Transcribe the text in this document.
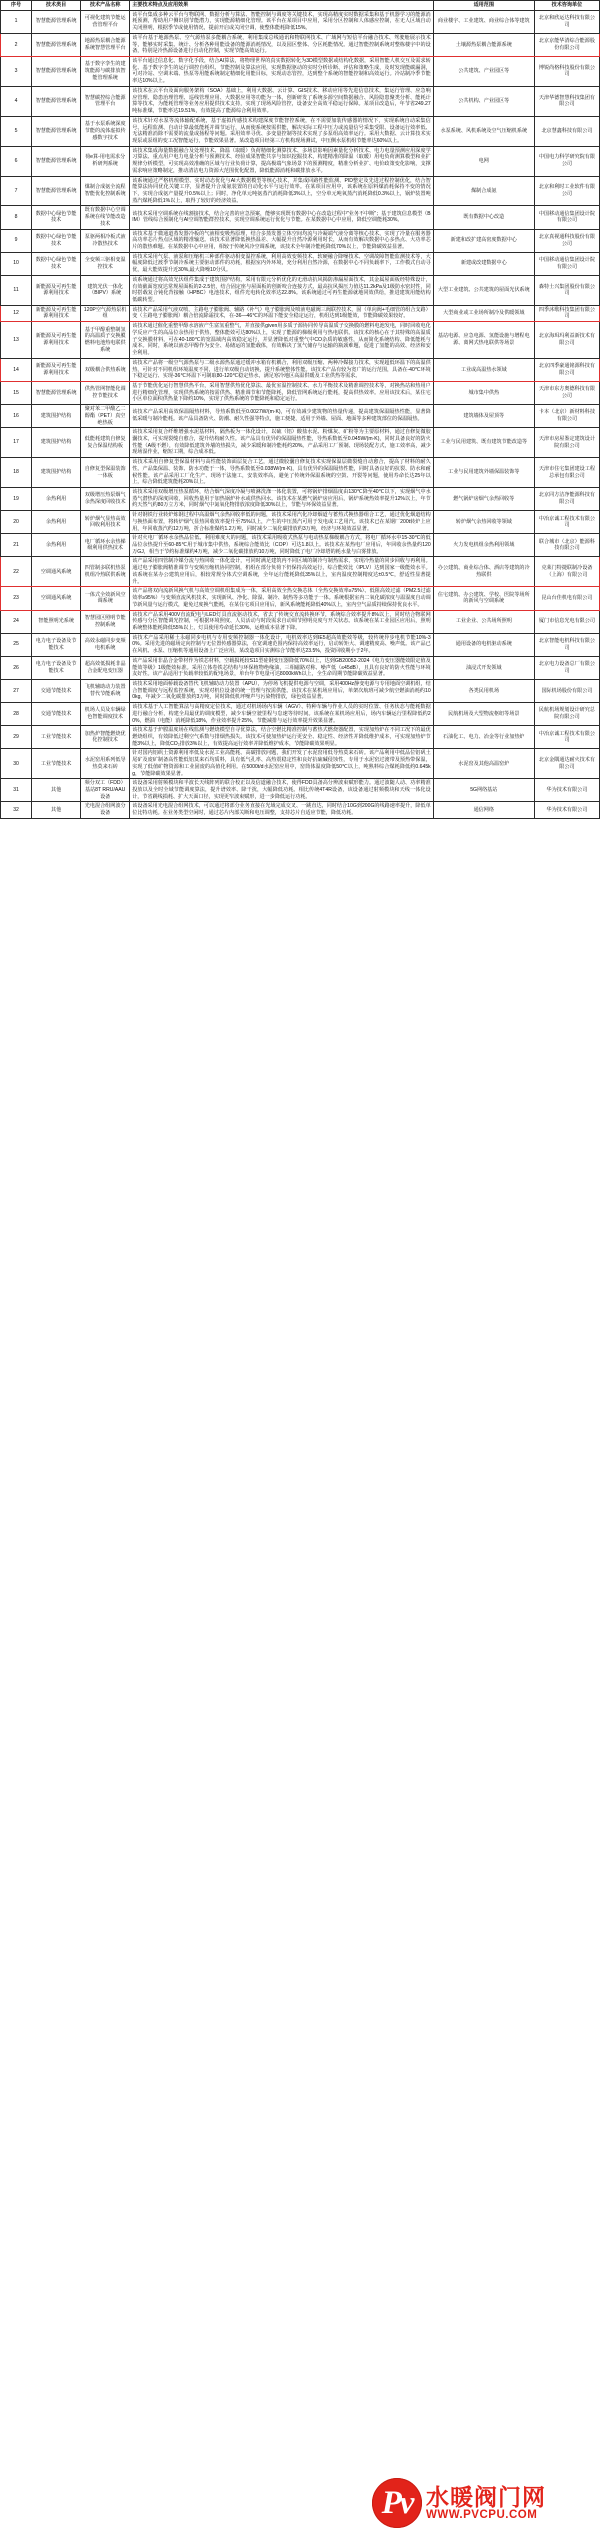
序号	技术类目	技术产品名称	主要技术特点及应用效果	适用范围	技术咨询单位
1	智慧能源管理系统	可视化建筑节能运营管理平台	该平台集成多种云平台与物联网、数据分析与算法、智能控制与调度等关键技术，实现高精度实时数据采集和基于机器学习的能源消耗预测，帮助用户侧识别节能潜力，实现能源精细化管理。该平台在某项目中应用，采用分区控制和人体感应控制，在无人区域自动关闭照明，根据季节或使用情况，提前开启或关闭空调，使整体能耗降低15%。	商业楼宇、工业建筑、商业综合体等建筑	北京和欣运达科技有限公司
2	智慧能源管理系统	地源热泵耦合能源系统智慧管理平台	该平台基于地源热泵、空气源热泵多能耦合系统，利用集成总线通讯和物联网技术、广域网与短信平台融合技术、驾驶舱展示技术等，能够实时采集、统计、分析各种用能设备的能源消耗情况，以及园区整体、分区耗能情况。通过智能控制系统对整栋楼宇中的设备，特别是冷热源设备进行自动化控制，实现节能高效运行。	土壤源热泵耦合能源系统	北京京能华清综合能源股份有限公司
3	智慧能源管理系统	基于数字孪生的建筑能源与碳排放智能管理系统	该平台通过信息化、数字化手段，结合AI算法，将物理世界的真实数据转化为3D模型数据或结构化数据，采用智能人机交互及需求转化、基于数字孪生的运行调控自组织、节能控制及算法应用，实现数据驱动的实时分析诊断、评估和策略生成，及时发现能碳漏洞，可对冷站、空调末端、热泵等用能系统制定精细化用能目标，实现动态管控，达到整个系统的智能控制和高效运行。冷站制冷季节能率达10%以上。	公共建筑、产业园区等	博锐尚格科技股份有限公司
4	智慧能源管理系统	智慧碳控综合能源管理平台	该技术在云平台及面向服务架构（SOA）基础上，利用大数据、云计算、GIS技术、移动应用等先进信息技术，集运行管理、应急响应管理、隐患治理管理、巡线管理应用、大数据应用等功能为一体，创新研发了系统多源空间数据融合、风险隐患聚类分析、能耗计算等技术，为能耗管理等业务应用提供技术支持，实现了现场风险管控，设备安全高效平稳运行保障。某项目改造后，年节省249.27吨标准煤，节能率达19.51%，有效提高了能源综合利用效率。	公共机构、产业园区等	天津华德智慧科技集团有限公司
5	智慧能源管理系统	基于水泵系统深度节能的流体虚拟传感数字技术	该技术针对水泵等流体输配系统，基于虚拟传感技术构建深度节能智控系统，在不需要加装传感器的情况下，实现系统自动采集信号、远程监测、自动计算最低能耗并调节运行，从而使系统按需供能，解决实际工程中压力或流量信号采集受限、设备运行效率低、无法精准消除不需要的流量或扬程等问题。采用效率寻优、多变量控制等技术实现了多泵组高效率运行。采用大数据、云计算技术实现泵或泵组的变工况智能运行，节能效果显著。某改造项目经第三方机构现场测试，中压侧水泵机组节能率达60%以上。	水泵系统、风机系统及空气压缩机系统	北京慧鑫科技有限公司
6	智慧能源管理系统	荷e算-用电需求分析研判系统	该技术集成海量数据融合及处理技术、降温（取暖）负荷精细化测算技术、多场景影响因素量化分析技术、电力电量预测应用深度学习算法、重点用户电力电量分析与预测技术、经验成果智能共享与知识挖掘技术，构建精准的降温（取暖）用电负荷测算模型和业扩规律分析模型，可实现高效准确的区域与行业负荷计算，提高极端气象场景下的预测精度，精准分析业扩、电价政策变化影响，支撑需求响应策略制定，推动清洁电力资源大范围优化配置，降低能源消耗和碳排放水平。	电网	中国电力科学研究院有限公司
7	智慧能源管理系统	煤制合成氨全流程智能优化控制系统	该系统通过严格机理模型、实时动态优化与AI大数据模型等核心技术，并集成回路性能监测、PID整定及先进过程控制优化，结合智能算法协同优化关键工序，显著提升合成氨装置的自动化水平与运行效率。在某项目应用中，该系统在原料煤消耗保持不变的情况下，实现合成氨产量提升0.5%以上；同时，净化单元吨氨蒸汽消耗降低3%以上，空分单元吨氧蒸汽消耗降低0.3%以上，锅炉装置吨蒸汽煤耗降低1%以上，取得了较好的经济效益。	煤制合成氨	北京和利时工业软件有限公司
8	数据中心绿色节能技术	既有数据中心空调系统在线节能改造技术	该技术采用空调系统在线割接技术，结合完善的应急预案，能够实现既有数据中心在改造过程中"业务不中断"；基于建筑信息模型（BIM）管线综合预制化与AI空调智能群控技术，实现空调系统运行优化与节能。在某数据中心中应用，降低空调能耗30%。	既有数据中心改造	中国移动通信集团设计院有限公司
9	数据中心绿色节能技术	泵驱两相冷板式液冷散热技术	该技术基于微通道蒸发器冷板的气液相变吸热原理，结合多蒸发器立体空间均流与冷凝端气液分离等核心技术，实现了冷量在服务器高功率芯片热点区域的精准输送。该技术显著降低换热温差、大幅提升自然冷源利用时长，从而有效解决数据中心多热点、大功率芯片的散热难题。在某数据中心中应用，相较于传统风冷空调系统，该技术全年制冷能耗降低70%以上，节能降碳效益显著。	新建和改扩建高密度数据中心	北京真视通科技股份有限公司
10	数据中心绿色节能技术	全变频三驱相变温控技术	该技术采用气泵、液泵和压缩机三种部件驱动相变温控系统，利用高效变频技术、软硬融合降噪技术、空调故障智能监测技术等，大幅度降低过渡季节制冷系统主要驱动部件的功耗，根据室内外环境，充分利用自然冷源，在数据中心不同负载率下，工作模式自动寻优，最大能效提升近30%,最大降噪10分贝。	新建或改建数据中心	中国移动通信集团设计院有限公司
11	新能源及可再生能源利用技术	建筑光伏一体化（BIPV）系统	该系统通过将高效光伏组件集成于建筑围护结构，采用有限元分析优化的无滑动抗风揭防渗漏屋面技术，其金属屋面板经特殊设计，有效截面宽度达常规屋面板的2-2.5倍，结合固定座与屋面板的创新咬合连接方式，最高抗风揭压力值达11.2kPa及1级防水密封性，同时搭载复合钝化背接触（HPBC）电池技术，组件光电转化效率达22.8%。该系统通过可再生能源就地同效供给，推进建筑用能结构低碳转型。	大型工业建筑、公共建筑的屋面光伏系统	森特士兴集团股份有限公司
12	新能源及可再生能源利用技术	120P空气源热泵机组	该技术产品采用气液双喷，主路电子膨胀阀、辅路（补气）电子膨胀阀及喷液电磁阀三阀联控技术，固（单向阀+毛细管的组合支路）变（主路电子膨胀阀）耦合倍流除霜技术，在-36—46℃的环温下能安全稳定运行，机组达到1级能效，节能降碳效果较好。	大型商业或工业场所制冷及供暖领域	四季沐歌科技集团有限公司
13	新能源及可再生能源利用技术	基于甲醇重整制氢的高温质子交换膜燃料电池热电联供系统	该技术通过催化重整甲醇水溶液产生富氢重整气，并直接供given用多质子源协同传导高温质子交换膜的燃料电池发电，同时回收电化学反应产生的高品位余热用于供热，整体能效可达80%以上，实现了能源的梯级利用与热电联供。该技术的核心在于其特殊的高温质子交换膜材料，可在40-180℃的宽温域内高效稳定运行，并显著降低对重整气中CO杂质的敏感性，从而简化系统结构、降低能耗与成本。同时，系统以液态甲醇作为安全、易储运的氢能载体，有效解决了氢气储存与运输的瓶颈难题，促进了氢能的高效、经济和安全利用。	基站电源、应急电源、氢能设施与增程电源、离网式热电联供等场景	北京海珥玛利益新技术有限公司
14	新能源及可再生能源利用技术	双级耦合供热系统	该技术产品将一级空气源热泵与二级水源热泵通过缓冲水箱有机耦合，利用双级压缩、两种冷媒接力技术，实现超低环温下的高温供热，可针对不同机组环境温度不同，进行单双级自动切换，提升系统整体性能。该技术产品有较为宽广的运行范围，具备在-40℃环境下稳定运行、实现-36℃环温下可制取80-120℃稳定热水，满足寒冷地区高温供暖及工业供热等需求。	工业或高温热水领域	北京四季豪通铭源科技有限公司
15	智慧能源管理系统	供热管网智能化调控节能技术	基于节能优化运行智慧供热平台，采用智慧供热优化算法、最优室温控制技术、水力平衡技术及精准调控技术等，对换热站和热用户进行精细化管理，实现供热系统的按需供热、精准调节和节能降耗，降低管网系统运行能耗，提高供热效率。应用该技术后，某住宅小区单位面积供热量下降约10%，实现了供热系统的节能降耗和稳定运行。	城市集中供热	天津市东方奥德科技有限公司
16	建筑围护结构	聚对苯二甲酸乙二醇酯（PET）真空绝热板	该技术产品采用高效保温隔热材料，导热系数低至0.0027W/(m·K)，可有效减少建筑物的热量传递，提高建筑保温隔热性能，显著降低采暖与制冷能耗。该产品具备防火、防潮、耐久性强等特点，施工便捷，适用于外墙、屋面、地面等多种建筑部位的保温隔热。	建筑墙体及屋顶等	卡本（北京）新材料科技有限公司
17	建筑围护结构	低能耗建筑自修复复合保温结构板	该技术采用复合纤维增强水泥基材料，隔热板为一体化设计，以硫（铝）酸盐水泥、粉煤灰、矿粉等为主要原材料，通过自修复微胶囊技术，可实现裂缝自愈合，提升结构耐久性。该产品具有优异的保温隔热性能，导热系数低至0.045W/(m·K)，同时具备良好的防火性能（A级不燃），有效降低建筑外墙的热损失，减少采暖和制冷能耗约20%。产品采用工厂预制、现场装配方式，施工效率高，减少现场湿作业，缩短工期，综合成本低。	工业与民用建筑、既有建筑节能改造等	天津市房屋鉴定建筑设计院有限公司
18	建筑围护结构	自修复型保温装饰一体板	该技术采用自修复型保温材料与高性能装饰面层复合工艺，通过微胶囊自修复技术实现保温层微裂缝自动愈合，提高了材料的耐久性。产品集保温、装饰、防水功能于一体，导热系数低至0.038W/(m·K)，具有优异的保温隔热性能，同时具备良好的抗裂、防水和耐候性能。该产品采用工厂化生产、现场干法施工，安装效率高，避免了传统外保温系统的空鼓、开裂等问题，使用寿命长达25年以上，综合降低建筑能耗20%以上。	工业与民用建筑外墙保温装饰等	天津市住宅集团建设工程总承包有限公司
19	余热利用	双级增压热泵烟气余热深度回收技术	该技术采用双级增压热泵循环，结合烟气深度冷凝与喷淋洗涤一体化装置，可将锅炉排烟温度由130℃降至40℃以下，实现烟气中水蒸气潜热的深度回收，回收热量用于加热锅炉补水或供热回水。该技术在某燃气锅炉房应用后，锅炉系统热效率提升12%以上，年节约天然气约80万立方米，同时烟气中氮氧化物排放浓度降低30%以上，节能与环保效益显著。	燃气锅炉房烟气余热回收等	北京同方洁净能源科技有限公司
20	余热利用	转炉烟气显热高效回收利用技术	针对钢铁行业转炉炼钢过程中高温烟气余热回收率低的问题，该技术采用汽化冷却烟道与蓄热式换热器组合工艺，通过优化烟道结构与换热面布置，将转炉烟气显热回收效率提升至75%以上，产生的中压蒸汽可用于发电或工艺用汽。该技术已在某钢厂200t转炉上应用，年回收蒸汽约12万吨，折合标准煤约1.2万吨，同时减少二氧化碳排放约3万吨，经济与环境效益显著。	转炉烟气余热回收等领域	中冶京诚工程技术有限公司
21	余热利用	电厂循环水余热梯级利用供热技术	针对火电厂循环水余热品位低、利用难度大的问题，该技术采用吸收式热泵与电动热泵梯级耦合方式，将电厂循环水中15-30℃的低品位余热提升至60-85℃用于城市集中供热，系统综合能效比（COP）可达1.8以上。该技术在某热电厂应用后，年回收余热量约120万GJ，相当于节约标准煤约4万吨，减少二氧化碳排放约10万吨，同时降低了电厂冷却塔的耗水量与白雾排放。	火力发电机组余热利用领域	联合城市（北京）能源科技有限公司
22	空调通风系统	四管制多联机热泵机组冷热联供系统	该产品采用四管制冷媒分流与热回收一体化设计，可同时满足建筑内不同区域的制冷与制热需求，实现冷热量的同步回收与再利用。通过电子膨胀阀精准调节与变频压缩机协同控制，机组在部分负荷下仍保持高效运行，综合能效比（IPLV）达到国家一级能效水平。该系统在某办公建筑应用后，相较常规分体式空调系统，全年运行能耗降低35%以上，室内温度控制精度达±0.5℃，舒适性显著提升。	办公建筑、商业综合体、酒店等建筑的冷热联供	克莱门特捷联制冷设备（上海）有限公司
23	空调通风系统	一体式全效新风空调系统	该产品将双向流新风换气机与高效空调机组集成为一体，采用高效全热交换芯体（全热交换效率≥75%）、低阻高效过滤（PM2.5过滤效率≥95%）与变频直流风机技术，实现新风、净化、除湿、制冷、制热等多功能于一体。系统根据室内二氧化碳浓度与温湿度自动调节新风量与运行模式，避免过度换气能耗，在某住宅项目应用后，新风系统能耗降低40%以上，室内空气品质持续保持优良水平。	住宅建筑、办公建筑、学校、医院等场所的新风与空调系统	昆山台佳机电有限公司
24	智能照明光系统	智慧园区照明节能控制系统	该技术产品采用400V直流配电与LED灯具直流驱动技术，省去了传统交直流转换环节，系统综合效率提升8%以上，同时结合物联网传感与分区智能调光控制，可根据环境照度、人员活动与时段需求自动调节照明亮度与开关状态。该系统在某工业园区应用后，照明系统整体能耗降低55%以上，灯具使用寿命延长30%，运维成本显著下降。	工业企业、公共场所照明	厦门市信息光电有限公司
25	电力电子设备及节能技术	高效永磁同步变频电机系统	该技术产品采用稀土永磁同步电机与专用变频控制器一体化设计，电机效率达到IE5超高效能效等级，较传统异步电机节能10%-30%。采用先进的磁场定向控制与无位置传感器算法，在宽调速范围内保持高效率运行，启动转矩大、调速精度高、噪声低。该产品已在风机、水泵、压缩机等通用设备上广泛应用，某改造项目实测综合节能率达23.5%，投资回收期小于2年。	通用设备的电机驱动系统	北京智能电机科技有限公司
26	电力电子设备及节能技术	超高效低损耗非晶合金配电变压器	该产品采用非晶合金带材作为铁芯材料，空载损耗较S11型硅钢变压器降低70%以上，达到GB20052-2024《电力变压器能效限定值及能效等级》1级能效标准。采用立体卷铁芯结构与环保植物绝缘油，三相磁路对称、噪声低（≤45dB），且具有良好的防火性能与环境友好性。该产品适用于负载率较低的配电场景，单台年节电量可达8000kWh以上，全生命周期节能降碳效益显著。	油浸式开发领域	北京电力设备总厂有限公司
27	交通节能技术	飞机辅助动力装置替代节能系统	该技术采用地面桥载设备替代飞机辅助动力装置（APU），为停场飞机提供电源与空调，采用400Hz静变电源与专用地面空调机组，结合智能调度与远程监控系统，实现对机位设备的统一管理与按需供能。该技术在某机场应用后，单架次航班可减少航空燃油消耗约100kg，年减少二氧化碳排放约3万吨，同时降低机坪噪声与污染物排放，绿色效益显著。	各类民用机场	国际机场股份有限公司
28	交通节能技术	机场人员及车辆绿色智能调度技术	该技术基于人工智能算法与高精度定位技术，通过对机场场内车辆（AGV）、特种车辆与作业人员的实时位置、任务状态与能耗数据进行融合分析，构建全局最优的调度模型，减少车辆空驶里程与怠速等待时间。该系统在某机场应用后，场内车辆运行里程降低约20%，燃油（电能）消耗降低18%，作业效率提升25%，节能减排与运行效率提升效果显著。	民航机场及大型物流枢纽等场景	民航机场规划设计研究总院有限公司
29	工业节能技术	加热炉智能燃烧优化控制技术	该技术基于炉膛温度场在线监测与燃烧模型自寻优算法，结合空燃比精准控制与蓄热式燃烧器配置，实现加热炉在不同工况下的最优燃烧组织，有效降低过剩空气系数与排烟热损失。该技术可使加热炉运行更安全、稳定性、经济性并降低维护成本，可实现加热炉节能3%以上，降低CO₂排放3%以上，有效提高运行效率并降低维护成本，节能降碳效果明显。	石油化工、电力、冶金等行业加热炉	中冶京诚工程技术有限公司
30	工业节能技术	水泥窑用系列低导热莫来石砖	针对国内铝矾土资源利用率低及水泥工业高能耗、高碳排放问题，我们开发了水泥窑用低导热莫来石砖。该产品利用中低品位铝矾土尾矿及废矿制备高性能低铝莫来石均质料，具有低气孔率、高热震稳定性和良好抗硫碱侵蚀性，专用于水泥窑过渡带及预热带保温，实现了低值矿物资源和工业固废的高值化利用。在5000t/d水泥窑应用中，窑筒体温度降低50℃以上，吨熟料综合煤耗降低约0.645kg，节能降碳效果显著。	水泥窑及其他高温窑炉	北京金隅通达耐火技术有限公司
31	其他	频分双工（FDD）基站8T RRU/AAU设备	该设备采用射频模块和半波长天线阵列的联合校正以及信道融合技术，使得FDD具备高分辨波束赋形能力。通过波随人动、功率精准投放以及全时全域节能调度算法，提升谱效率、降干扰，大幅降低功耗。相比传统4T4R设备，该设备通过射频模块和天线一体化设计，节省跳线损耗、扩大天面口径，实现更窄波束赋形，进一步降低运行功耗。	5G网络基站	华为技术有限公司
32	其他	光电混合组网波分设备	该设备采用光电混合组网技术，可以通过将部分业务直接在光域完成交叉、一跳直达，同时结合10G到200G的线路速率提升，降低单位比特功耗。在业务类型空闲时，通过芯片内部关断和电压调整，支持芯片自适应节能，降低功耗。	通信网络	华为技术有限公司
Pv 水暖阀门网
WWW.PVCPU.COM
